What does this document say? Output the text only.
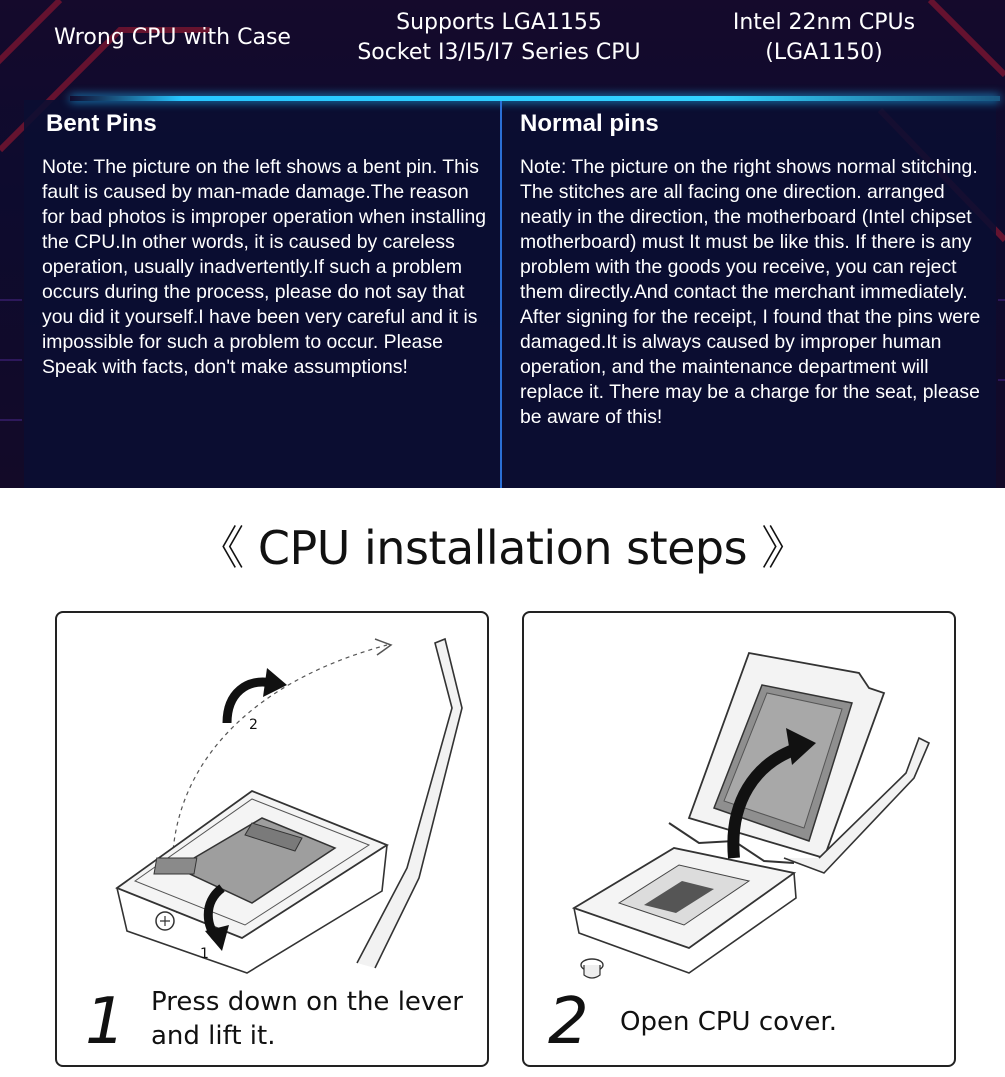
Wrong CPU with Case
Supports LGA1155
Socket I3/I5/I7 Series CPU
Intel 22nm CPUs
(LGA1150)
Bent Pins
Note: The picture on the left shows a bent pin. This fault is caused by man-made damage.The reason for bad photos is improper operation when installing the CPU.In other words, it is caused by careless operation, usually inadvertently.If such a problem occurs during the process, please do not say that you did it yourself.I have been very careful and it is impossible for such a problem to occur. Please Speak with facts, don't make assumptions!
Normal pins
Note: The picture on the right shows normal stitching. The stitches are all facing one direction. arranged neatly in the direction, the motherboard (Intel chipset motherboard) must It must be like this. If there is any problem with the goods you receive, you can reject them directly.And contact the merchant immediately. After signing for the receipt, I found that the pins were damaged.It is always caused by improper human operation, and the maintenance department will replace it. There may be a charge for the seat, please be aware of this!
《 CPU installation steps 》
2
1
1 Press down on the lever and lift it.	2 Open CPU cover.
